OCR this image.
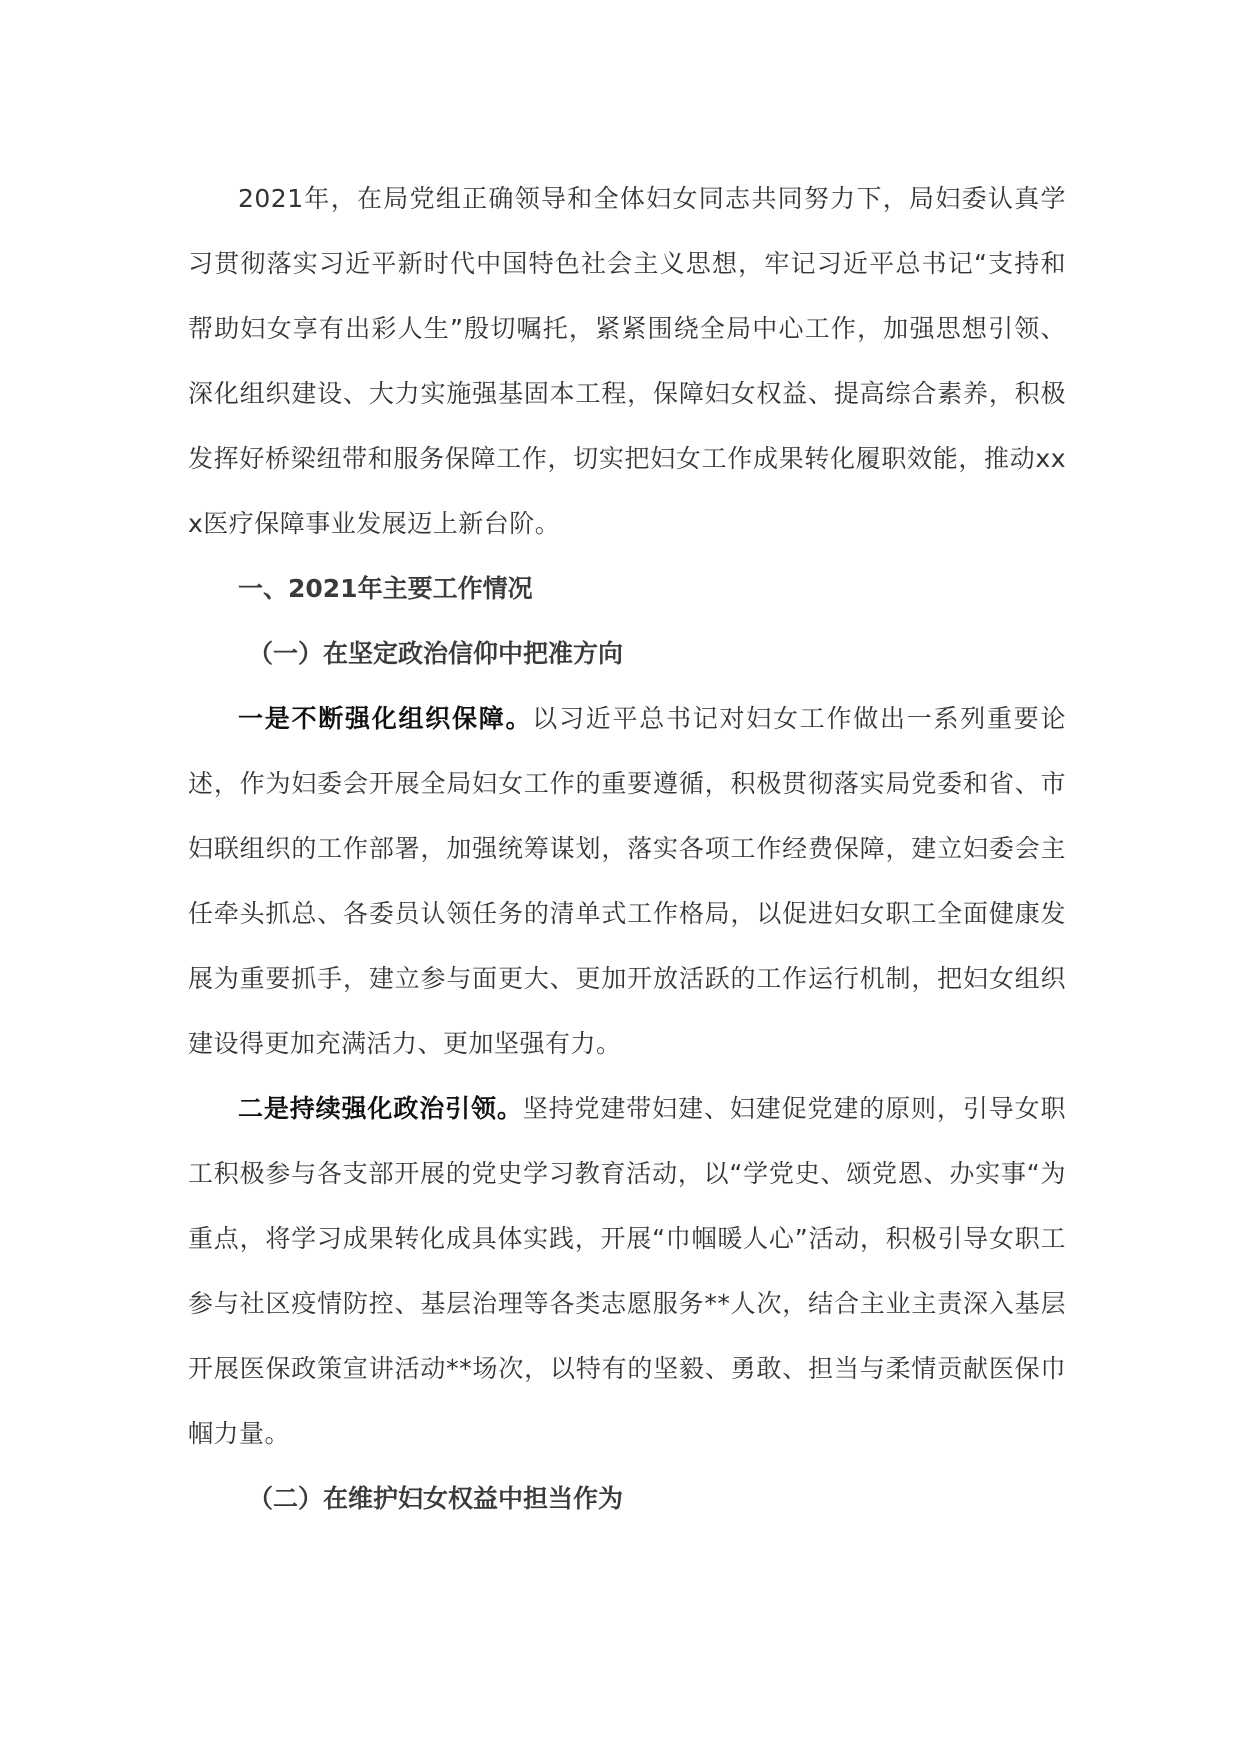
2021年，在局党组正确领导和全体妇女同志共同努力下，局妇委认真学习贯彻落实习近平新时代中国特色社会主义思想，牢记习近平总书记“支持和帮助妇女享有出彩人生”殷切嘱托，紧紧围绕全局中心工作，加强思想引领、深化组织建设、大力实施强基固本工程，保障妇女权益、提高综合素养，积极发挥好桥梁纽带和服务保障工作，切实把妇女工作成果转化履职效能，推动xxx医疗保障事业发展迈上新台阶。

一、2021年主要工作情况

（一）在坚定政治信仰中把准方向

一是不断强化组织保障。以习近平总书记对妇女工作做出一系列重要论述，作为妇委会开展全局妇女工作的重要遵循，积极贯彻落实局党委和省、市妇联组织的工作部署，加强统筹谋划，落实各项工作经费保障，建立妇委会主任牵头抓总、各委员认领任务的清单式工作格局，以促进妇女职工全面健康发展为重要抓手，建立参与面更大、更加开放活跃的工作运行机制，把妇女组织建设得更加充满活力、更加坚强有力。

二是持续强化政治引领。坚持党建带妇建、妇建促党建的原则，引导女职工积极参与各支部开展的党史学习教育活动，以“学党史、颂党恩、办实事“为重点，将学习成果转化成具体实践，开展“巾帼暖人心”活动，积极引导女职工参与社区疫情防控、基层治理等各类志愿服务**人次，结合主业主责深入基层开展医保政策宣讲活动**场次，以特有的坚毅、勇敢、担当与柔情贡献医保巾帼力量。

（二）在维护妇女权益中担当作为
